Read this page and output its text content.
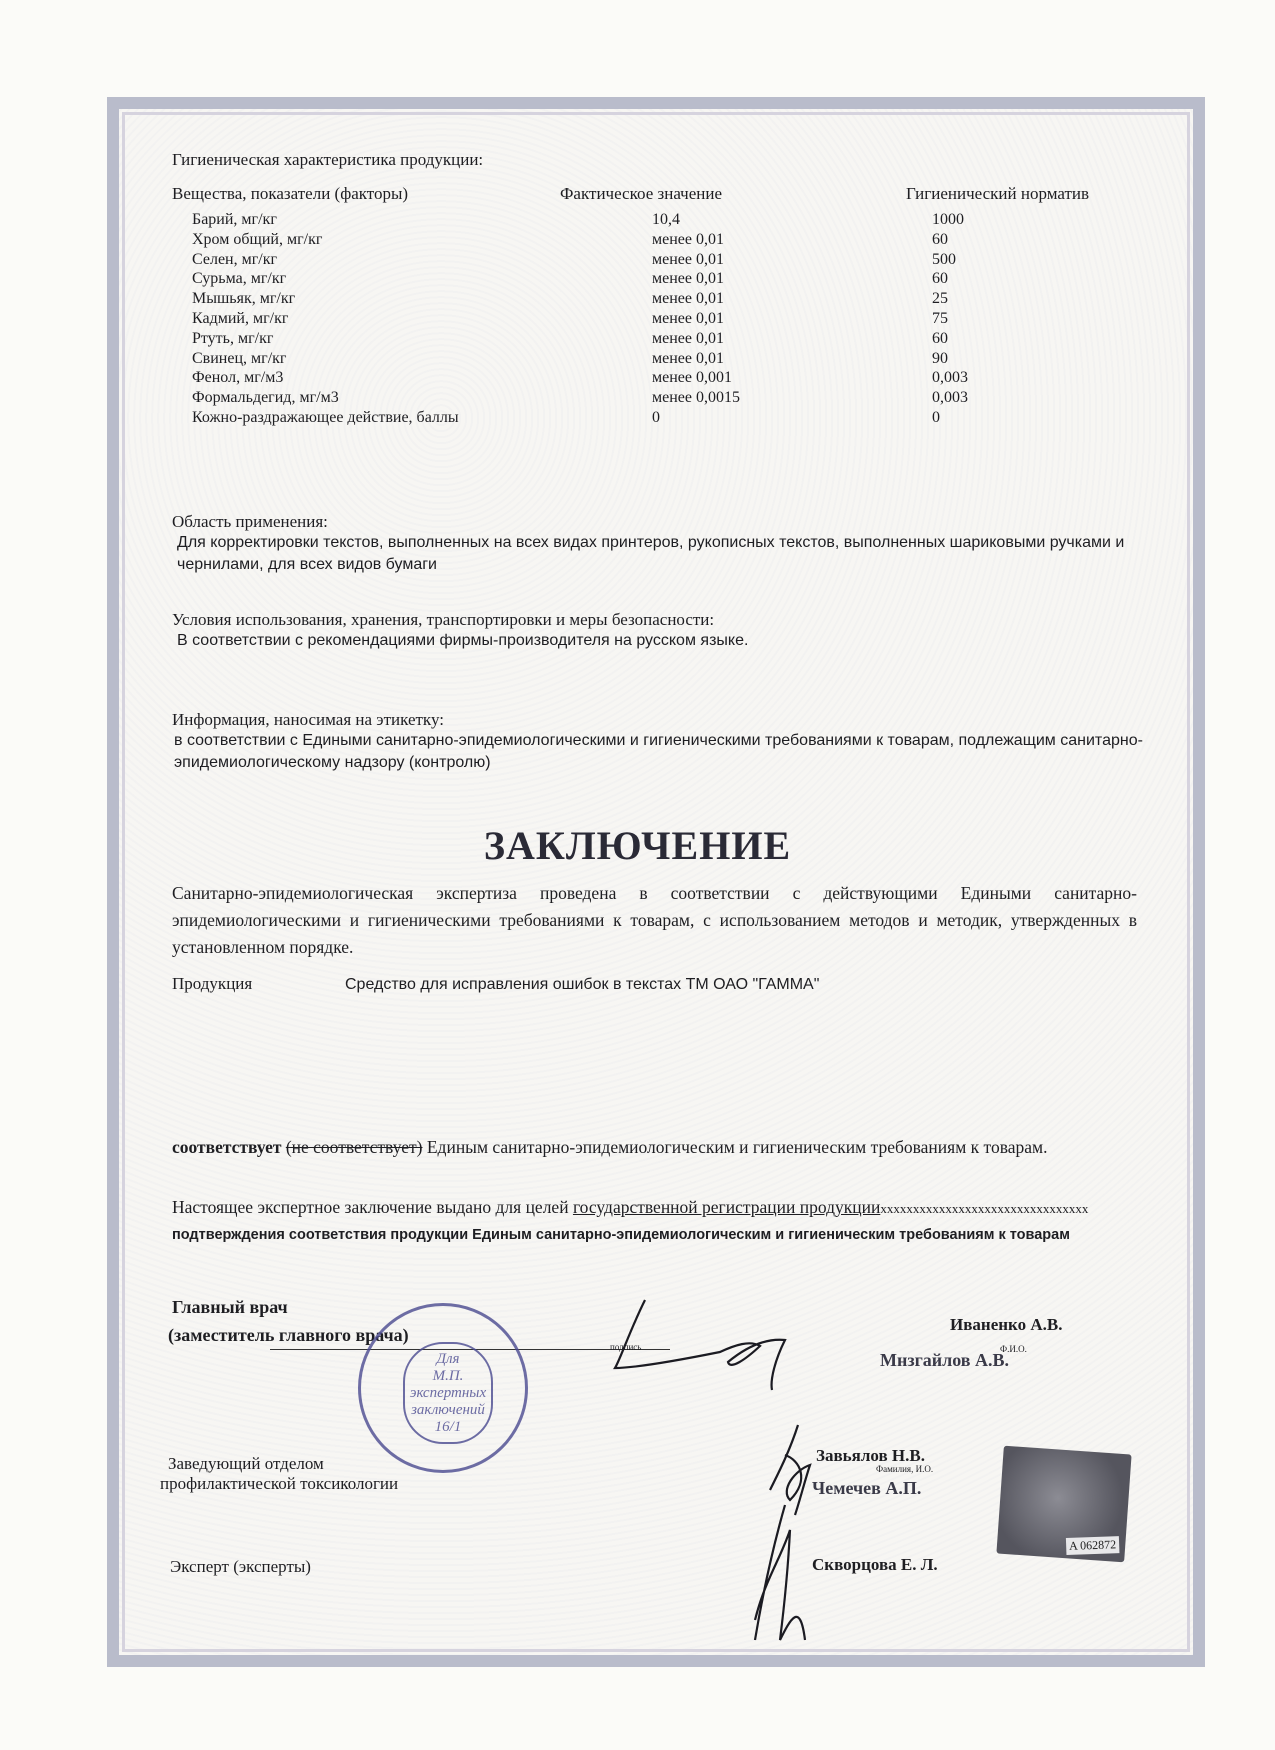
Гигиеническая характеристика продукции:
Вещества, показатели (факторы)	Фактическое значение	Гигиенический норматив
Барий, мг/кг	10,4	1000
Хром общий, мг/кг	менее 0,01	60
Селен, мг/кг	менее 0,01	500
Сурьма, мг/кг	менее 0,01	60
Мышьяк, мг/кг	менее 0,01	25
Кадмий, мг/кг	менее 0,01	75
Ртуть, мг/кг	менее 0,01	60
Свинец, мг/кг	менее 0,01	90
Фенол, мг/м3	менее 0,001	0,003
Формальдегид, мг/м3	менее 0,0015	0,003
Кожно-раздражающее действие, баллы	0	0
Область применения:
Для корректировки текстов, выполненных на всех видах принтеров, рукописных текстов, выполненных шариковыми ручками и чернилами, для всех видов бумаги
Условия использования, хранения, транспортировки и меры безопасности:
В соответствии с рекомендациями фирмы-производителя на русском языке.
Информация, наносимая на этикетку:
в соответствии с Едиными санитарно-эпидемиологическими и гигиеническими требованиями к товарам, подлежащим санитарно-эпидемиологическому надзору (контролю)
ЗАКЛЮЧЕНИЕ
Санитарно-эпидемиологическая экспертиза проведена в соответствии с действующими Едиными санитарно-эпидемиологическими и гигиеническими требованиями к товарам, с использованием методов и методик, утвержденных в установленном порядке.
Продукция	Средство для исправления ошибок в текстах ТМ ОАО "ГАММА"
соответствует (не соответствует) Единым санитарно-эпидемиологическим и гигиеническим требованиям к товарам.
Настоящее экспертное заключение выдано для целей государственной регистрации продукцииxxxxxxxxxxxxxxxxxxxxxxxxxxxxxxxx
подтверждения соответствия продукции Единым санитарно-эпидемиологическим и гигиеническим требованиям к товарам
Главный врач
(заместитель главного врача)
подпись
Иваненко А.В.
Ф.И.О.
Мнзгайлов А.В.
Заведующий отделом
профилактической токсикологии
Завьялов Н.В.
Фамилия, И.О.
Чемечев А.П.
Эксперт (эксперты)	Скворцова Е. Л.
Для
М.П.
экспертных
заключений
16/1
A 062872
